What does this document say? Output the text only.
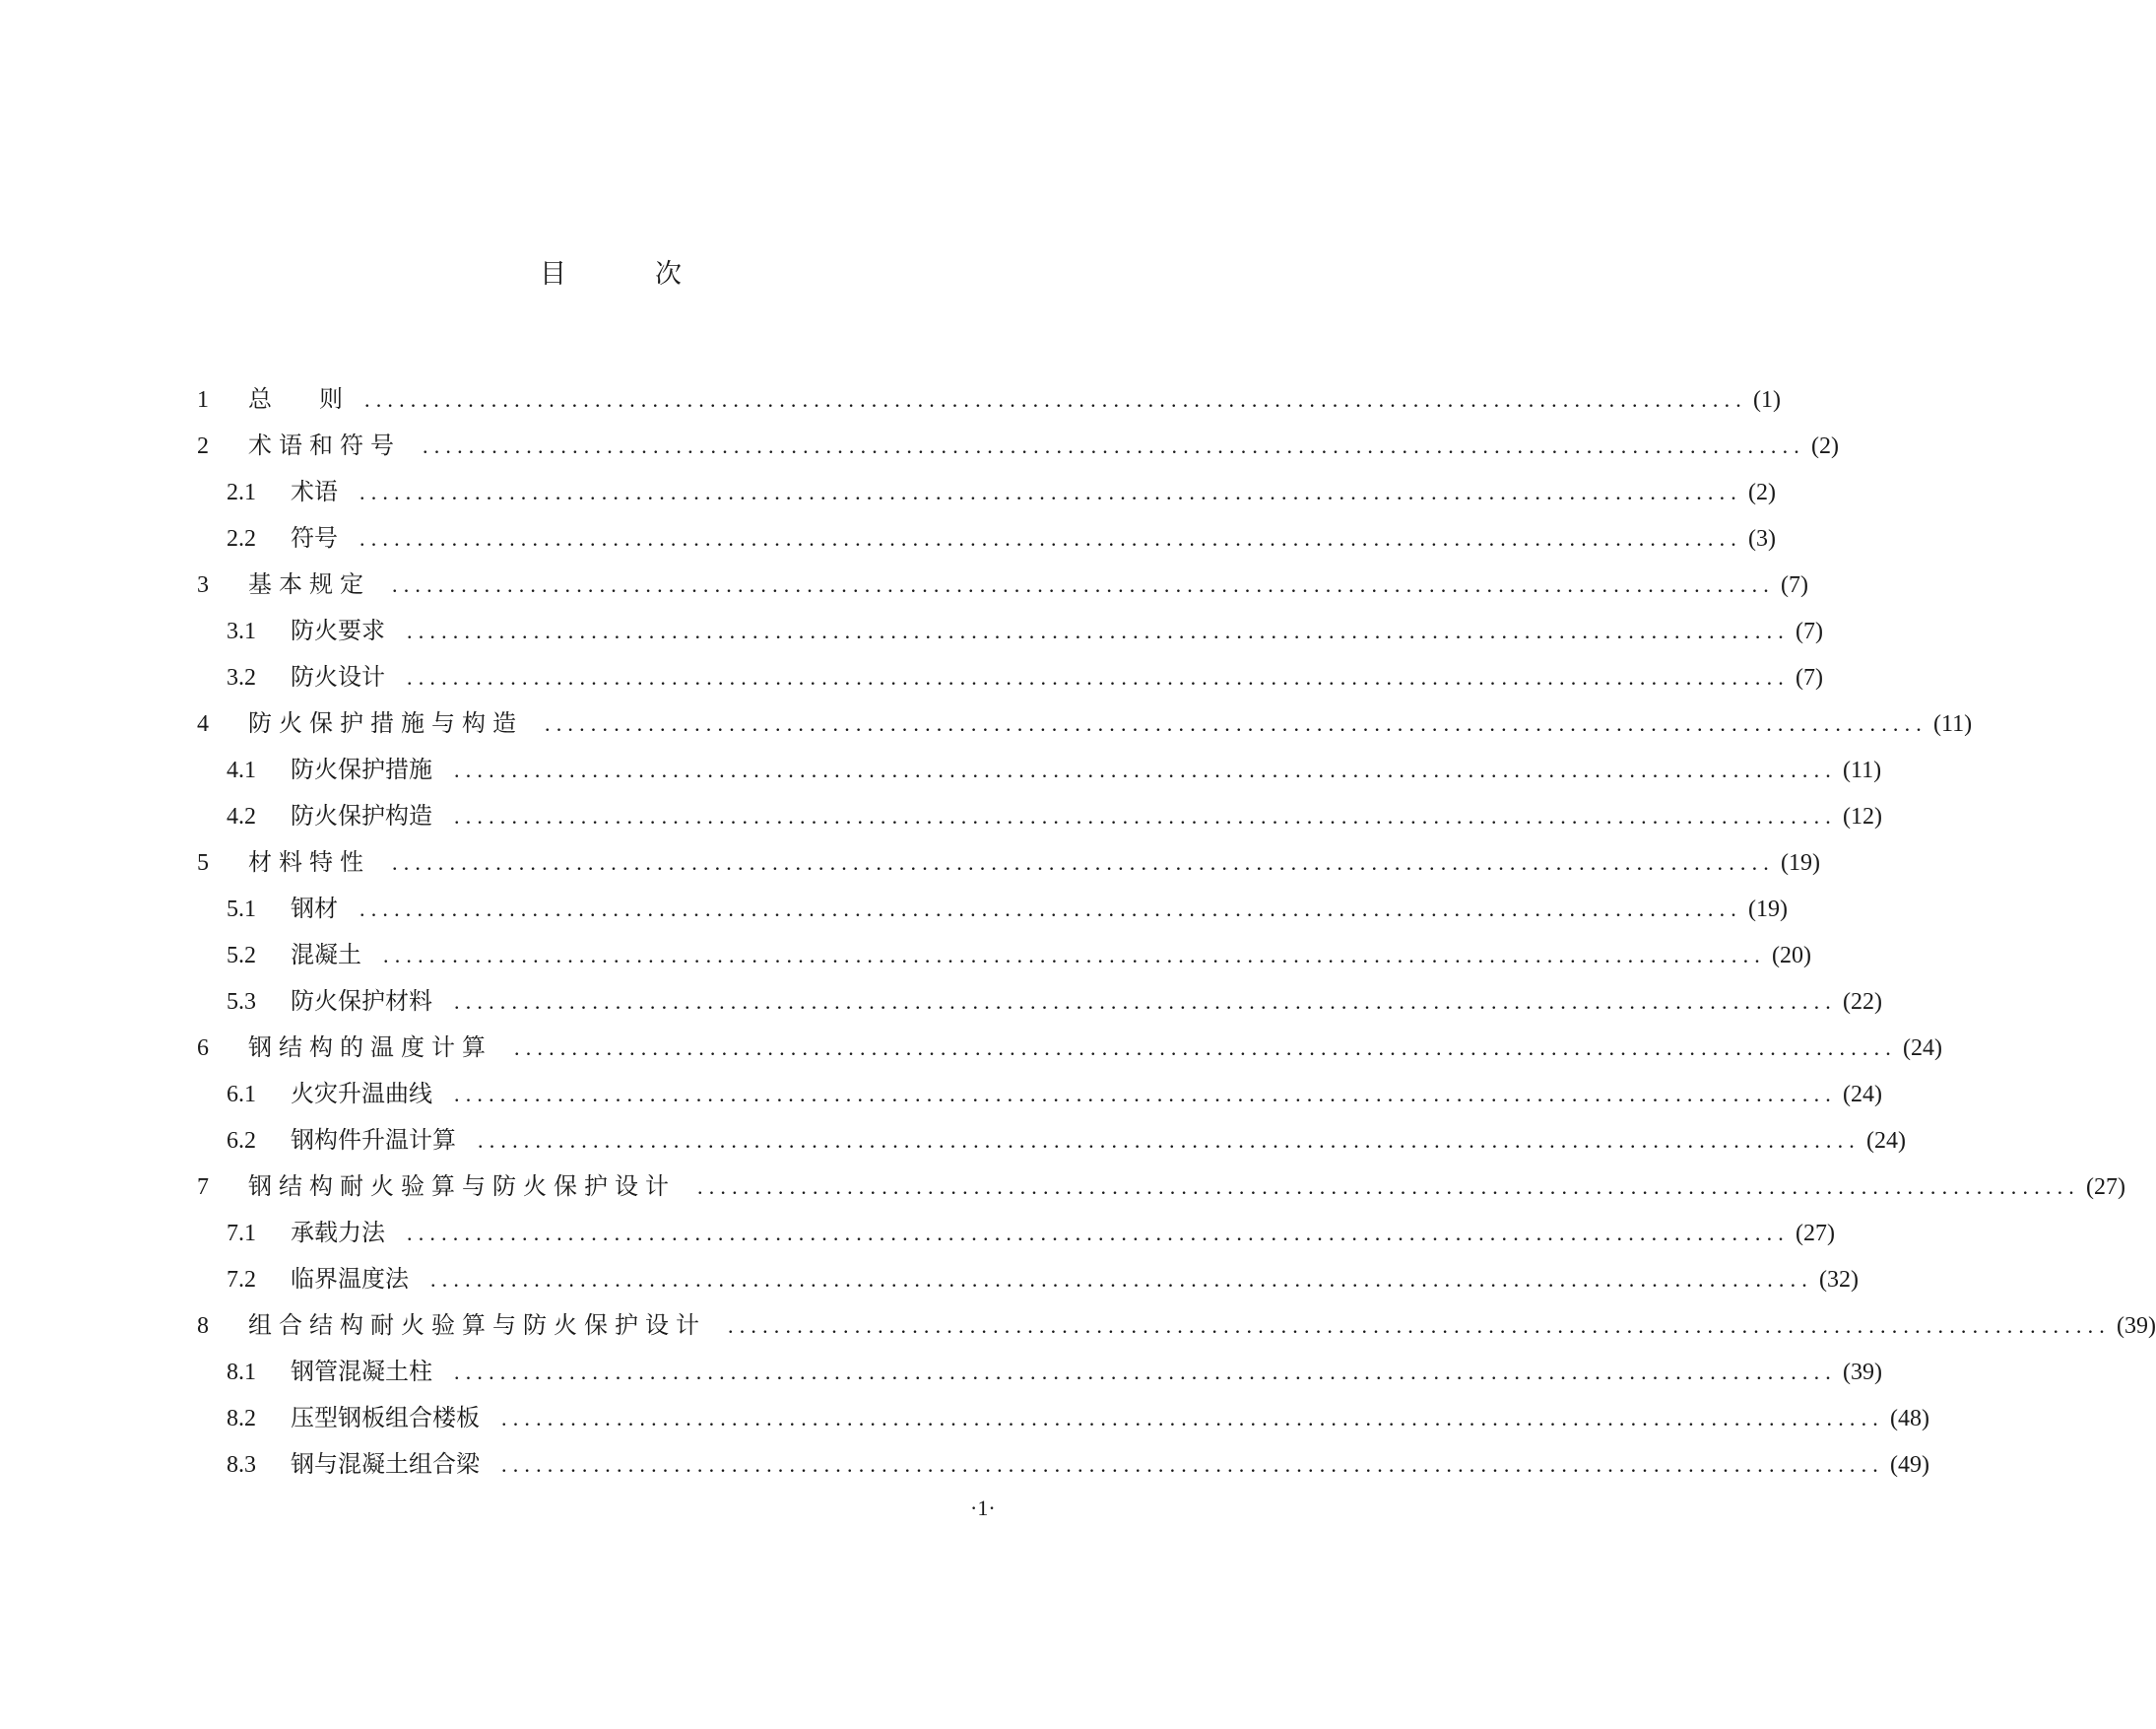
目	次
1	总　　则 ........................................................................................................................ (1)
2	术语和符号 ........................................................................................................................ (2)
2.1	术语 ........................................................................................................................ (2)
2.2	符号 ........................................................................................................................ (3)
3	基本规定 ........................................................................................................................ (7)
3.1	防火要求 ........................................................................................................................ (7)
3.2	防火设计 ........................................................................................................................ (7)
4	防火保护措施与构造 ........................................................................................................................ (11)
4.1	防火保护措施 ........................................................................................................................ (11)
4.2	防火保护构造 ........................................................................................................................ (12)
5	材料特性 ........................................................................................................................ (19)
5.1	钢材 ........................................................................................................................ (19)
5.2	混凝土 ........................................................................................................................ (20)
5.3	防火保护材料 ........................................................................................................................ (22)
6	钢结构的温度计算 ........................................................................................................................ (24)
6.1	火灾升温曲线 ........................................................................................................................ (24)
6.2	钢构件升温计算 ........................................................................................................................ (24)
7	钢结构耐火验算与防火保护设计 ........................................................................................................................ (27)
7.1	承载力法 ........................................................................................................................ (27)
7.2	临界温度法 ........................................................................................................................ (32)
8	组合结构耐火验算与防火保护设计 ........................................................................................................................ (39)
8.1	钢管混凝土柱 ........................................................................................................................ (39)
8.2	压型钢板组合楼板 ........................................................................................................................ (48)
8.3	钢与混凝土组合梁 ........................................................................................................................ (49)
·1·
